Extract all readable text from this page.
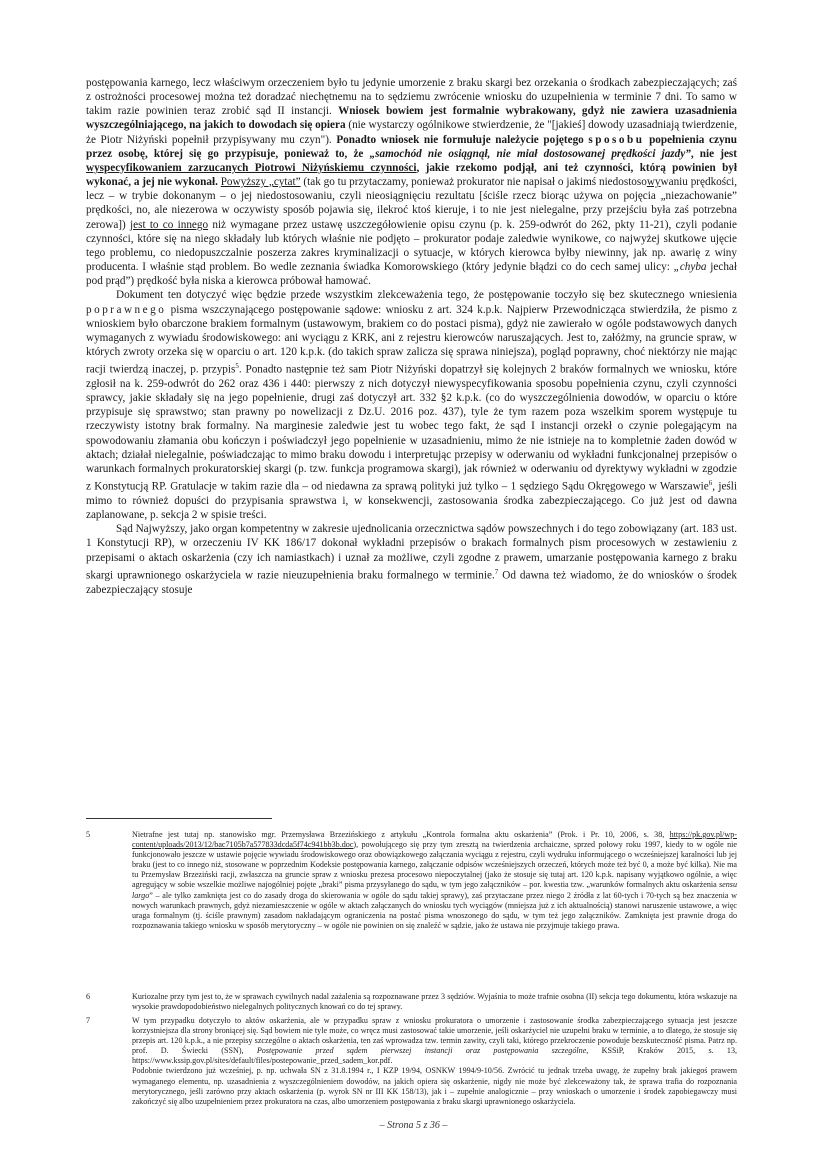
postępowania karnego, lecz właściwym orzeczeniem było tu jedynie umorzenie z braku skargi bez orzekania o środkach zabezpieczających; zaś z ostrożności procesowej można też doradzać niechętnemu na to sędziemu zwrócenie wniosku do uzupełnienia w terminie 7 dni. To samo w takim razie powinien teraz zrobić sąd II instancji. Wniosek bowiem jest formalnie wybrakowany, gdyż nie zawiera uzasadnienia wyszczególniającego, na jakich to dowodach się opiera (nie wystarczy ogólnikowe stwierdzenie, że "[jakieś] dowody uzasadniają twierdzenie, że Piotr Niżyński popełnił przypisywany mu czyn"). Ponadto wniosek nie formułuje należycie pojętego sposobu popełnienia czynu przez osobę, której się go przypisuje, ponieważ to, że „samochód nie osiągnął, nie miał dostosowanej prędkości jazdy”, nie jest wyspecyfikowaniem zarzucanych Piotrowi Niżyńskiemu czynności, jakie rzekomo podjął, ani też czynności, którą powinien był wykonać, a jej nie wykonał. Powyższy „cytat” (tak go tu przytaczamy, ponieważ prokurator nie napisał o jakimś niedostosowywaniu prędkości, lecz – w trybie dokonanym – o jej niedostosowaniu, czyli nieosiągnięciu rezultatu [ściśle rzecz biorąc używa on pojęcia „niezachowanie” prędkości, no, ale niezerowa w oczywisty sposób pojawia się, ilekroć ktoś kieruje, i to nie jest nielegalne, przy przejściu była zaś potrzebna zerowa]) jest to co innego niż wymagane przez ustawę uszczegółowienie opisu czynu (p. k. 259-odwrót do 262, pkty 11-21), czyli podanie czynności, które się na niego składały lub których właśnie nie podjęto – prokurator podaje zaledwie wynikowe, co najwyżej skutkowe ujęcie tego problemu, co niedopuszczalnie poszerza zakres kryminalizacji o sytuacje, w których kierowca byłby niewinny, jak np. awarię z winy producenta. I właśnie stąd problem. Bo wedle zeznania świadka Komorowskiego (który jedynie błądzi co do cech samej ulicy: „chyba jechał pod prąd”) prędkość była niska a kierowca próbował hamować.

Dokument ten dotyczyć więc będzie przede wszystkim zlekceważenia tego, że postępowanie toczyło się bez skutecznego wniesienia poprawnego pisma wszczynającego postępowanie sądowe: wniosku z art. 324 k.p.k. Najpierw Przewodnicząca stwierdziła, że pismo z wnioskiem było obarczone brakiem formalnym (ustawowym, brakiem co do postaci pisma), gdyż nie zawierało w ogóle podstawowych danych wymaganych z wywiadu środowiskowego: ani wyciągu z KRK, ani z rejestru kierowców naruszających. Jest to, załóżmy, na gruncie spraw, w których zwroty orzeka się w oparciu o art. 120 k.p.k. (do takich spraw zalicza się sprawa niniejsza), pogląd poprawny, choć niektórzy nie mając racji twierdzą inaczej, p. przypis$^5$. Ponadto następnie też sam Piotr Niżyński dopatrzył się kolejnych 2 braków formalnych we wniosku, które zgłosił na k. 259-odwrót do 262 oraz 436 i 440: pierwszy z nich dotyczył niewyspecyfikowania sposobu popełnienia czynu, czyli czynności sprawcy, jakie składały się na jego popełnienie, drugi zaś dotyczył art. 332 §2 k.p.k. (co do wyszczególnienia dowodów, w oparciu o które przypisuje się sprawstwo; stan prawny po nowelizacji z Dz.U. 2016 poz. 437), tyle że tym razem poza wszelkim sporem występuje tu rzeczywisty istotny brak formalny. Na marginesie zaledwie jest tu wobec tego fakt, że sąd I instancji orzekł o czynie polegającym na spowodowaniu złamania obu kończyn i poświadczył jego popełnienie w uzasadnieniu, mimo że nie istnieje na to kompletnie żaden dowód w aktach; działał nielegalnie, poświadczając to mimo braku dowodu i interpretując przepisy w oderwaniu od wykładni funkcjonalnej przepisów o warunkach formalnych prokuratorskiej skargi (p. tzw. funkcja programowa skargi), jak również w oderwaniu od dyrektywy wykładni w zgodzie z Konstytucją RP. Gratulacje w takim razie dla – od niedawna za sprawą polityki już tylko – 1 sędziego Sądu Okręgowego w Warszawie$^6$, jeśli mimo to również dopuści do przypisania sprawstwa i, w konsekwencji, zastosowania środka zabezpieczającego. Co już jest od dawna zaplanowane, p. sekcja 2 w spisie treści.

Sąd Najwyższy, jako organ kompetentny w zakresie ujednolicania orzecznictwa sądów powszechnych i do tego zobowiązany (art. 183 ust. 1 Konstytucji RP), w orzeczeniu IV KK 186/17 dokonał wykładni przepisów o brakach formalnych pism procesowych w zestawieniu z przepisami o aktach oskarżenia (czy ich namiastkach) i uznał za możliwe, czyli zgodne z prawem, umarzanie postępowania karnego z braku skargi uprawnionego oskarżyciela w razie nieuzupełnienia braku formalnego w terminie.$^7$ Od dawna też wiadomo, że do wniosków o środek zabezpieczający stosuje

5	Nietrafne jest tutaj np. stanowisko mgr. Przemysława Brzezińskiego z artykułu „Kontrola formalna aktu oskarżenia” (Prok. i Pr. 10, 2006, s. 38, https://pk.gov.pl/wp-content/uploads/2013/12/bac7105b7a577833dcda5f74c941bb3b.doc), powołującego się przy tym zresztą na twierdzenia archaiczne, sprzed połowy roku 1997, kiedy to w ogóle nie funkcjonowało jeszcze w ustawie pojęcie wywiadu środowiskowego oraz obowiązkowego załączania wyciągu z rejestru, czyli wydruku informującego o wcześniejszej karalności lub jej braku (jest to co innego niż, stosowane w poprzednim Kodeksie postępowania karnego, załączanie odpisów wcześniejszych orzeczeń, których może też być 0, a może być kilka). Nie ma tu Przemysław Brzeziński racji, zwłaszcza na gruncie spraw z wniosku prezesa procesowo niepoczytalnej (jako że stosuje się tutaj art. 120 k.p.k. napisany wyjątkowo ogólnie, a więc agregujący w sobie wszelkie możliwe najogólniej pojęte „braki” pisma przysyłanego do sądu, w tym jego załączników – por. kwestia tzw. „warunków formalnych aktu oskarżenia sensu largo” – ale tylko zamknięta jest co do zasady droga do skierowania w ogóle do sądu takiej sprawy), zaś przytaczane przez niego 2 źródła z lat 60-tych i 70-tych są bez znaczenia w nowych warunkach prawnych, gdyż niezamieszczenie w ogóle w aktach załączanych do wniosku tych wyciągów (mniejsza już z ich aktualnością) stanowi naruszenie ustawowe, a więc uraga formalnym (tj. ściśle prawnym) zasadom nakładającym ograniczenia na postać pisma wnoszonego do sądu, w tym też jego załączników. Zamknięta jest prawnie droga do rozpoznawania takiego wniosku w sposób merytoryczny – w ogóle nie powinien on się znaleźć w sądzie, jako że ustawa nie przyjmuje takiego prawa.
6	Kuriozalne przy tym jest to, że w sprawach cywilnych nadal zażalenia są rozpoznawane przez 3 sędziów. Wyjaśnia to może trafnie osobna (II) sekcja tego dokumentu, która wskazuje na wysokie prawdopodobieństwo nielegalnych politycznych knowań co do tej sprawy.
7	W tym przypadku dotyczyło to aktów oskarżenia, ale w przypadku spraw z wniosku prokuratora o umorzenie i zastosowanie środka zabezpieczającego sytuacja jest jeszcze korzystniejsza dla strony broniącej się. Sąd bowiem nie tyle może, co wręcz musi zastosować takie umorzenie, jeśli oskarżyciel nie uzupełni braku w terminie, a to dlatego, że stosuje się przepis art. 120 k.p.k., a nie przepisy szczególne o aktach oskarżenia, ten zaś wprowadza tzw. termin zawity, czyli taki, którego przekroczenie powoduje bezskuteczność pisma. Patrz np. prof. D. Świecki (SSN), Postępowanie przed sądem pierwszej instancji oraz postępowania szczególne, KSSiP, Kraków 2015, s. 13, https://www.kssip.gov.pl/sites/default/files/postepowanie_przed_sadem_kor.pdf.
Podobnie twierdzono już wcześniej, p. np. uchwała SN z 31.8.1994 r., I KZP 19/94, OSNKW 1994/9-10/56. Zwrócić tu jednak trzeba uwagę, że zupełny brak jakiegoś prawem wymaganego elementu, np. uzasadnienia z wyszczególnieniem dowodów, na jakich opiera się oskarżenie, nigdy nie może być zlekceważony tak, że sprawa trafia do rozpoznania merytorycznego, jeśli zarówno przy aktach oskarżenia (p. wyrok SN nr III KK 158/13), jak i – zupełnie analogicznie – przy wnioskach o umorzenie i środek zapobiegawczy musi zakończyć się albo uzupełnieniem przez prokuratora na czas, albo umorzeniem postępowania z braku skargi uprawnionego oskarżyciela.
– Strona 5 z 36 –
